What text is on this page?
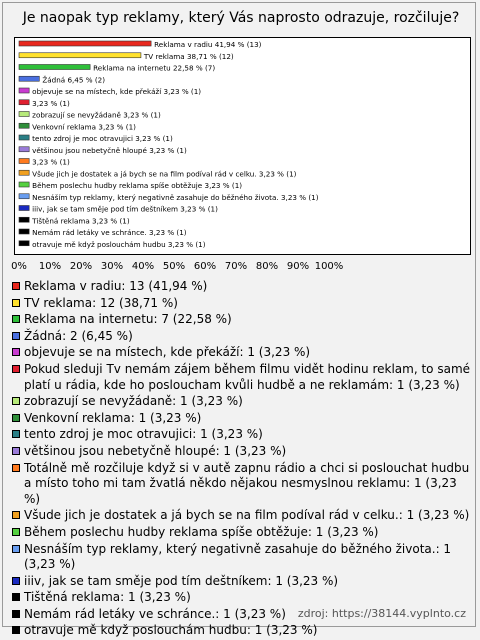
Je naopak typ reklamy, který Vás naprosto odrazuje, rozčiluje?
Reklama v radiu 41,94 % (13)
TV reklama 38,71 % (12)
Reklama na internetu 22,58 % (7)
Žádná 6,45 % (2)
objevuje se na místech, kde překáží 3,23 % (1)
3,23 % (1)
zobrazují se nevyžádaně 3,23 % (1)
Venkovní reklama 3,23 % (1)
tento zdroj je moc otravujici 3,23 % (1)
většinou jsou nebetyčně hloupé 3,23 % (1)
3,23 % (1)
Všude jich je dostatek a já bych se na film podíval rád v celku. 3,23 % (1)
Během poslechu hudby reklama spíše obtěžuje 3,23 % (1)
Nesnáším typ reklamy, který negativně zasahuje do běžného života. 3,23 % (1)
iiiv, jak se tam směje pod tím deštníkem 3,23 % (1)
Tištěná reklama 3,23 % (1)
Nemám rád letáky ve schránce. 3,23 % (1)
otravuje mě když poslouchám hudbu 3,23 % (1)
0% 10% 20% 30% 40% 50% 60% 70% 80% 90% 100%
Reklama v radiu: 13 (41,94 %)
TV reklama: 12 (38,71 %)
Reklama na internetu: 7 (22,58 %)
Žádná: 2 (6,45 %)
objevuje se na místech, kde překáží: 1 (3,23 %)
Pokud sleduji Tv nemám zájem během filmu vidět hodinu reklam, to samé platí u rádia, kde ho posloucham kvůli hudbě a ne reklamám: 1 (3,23 %)
zobrazují se nevyžádaně: 1 (3,23 %)
Venkovní reklama: 1 (3,23 %)
tento zdroj je moc otravujici: 1 (3,23 %)
většinou jsou nebetyčně hloupé: 1 (3,23 %)
Totálně mě rozčiluje když si v autě zapnu rádio a chci si poslouchat hudbu a místo toho mi tam žvatlá někdo nějakou nesmyslnou reklamu: 1 (3,23 %)
Všude jich je dostatek a já bych se na film podíval rád v celku.: 1 (3,23 %)
Během poslechu hudby reklama spíše obtěžuje: 1 (3,23 %)
Nesnáším typ reklamy, který negativně zasahuje do běžného života.: 1 (3,23 %)
iiiv, jak se tam směje pod tím deštníkem: 1 (3,23 %)
Tištěná reklama: 1 (3,23 %)
Nemám rád letáky ve schránce.: 1 (3,23 %)
otravuje mě když poslouchám hudbu: 1 (3,23 %)
zdroj: https://38144.vyplnto.cz
